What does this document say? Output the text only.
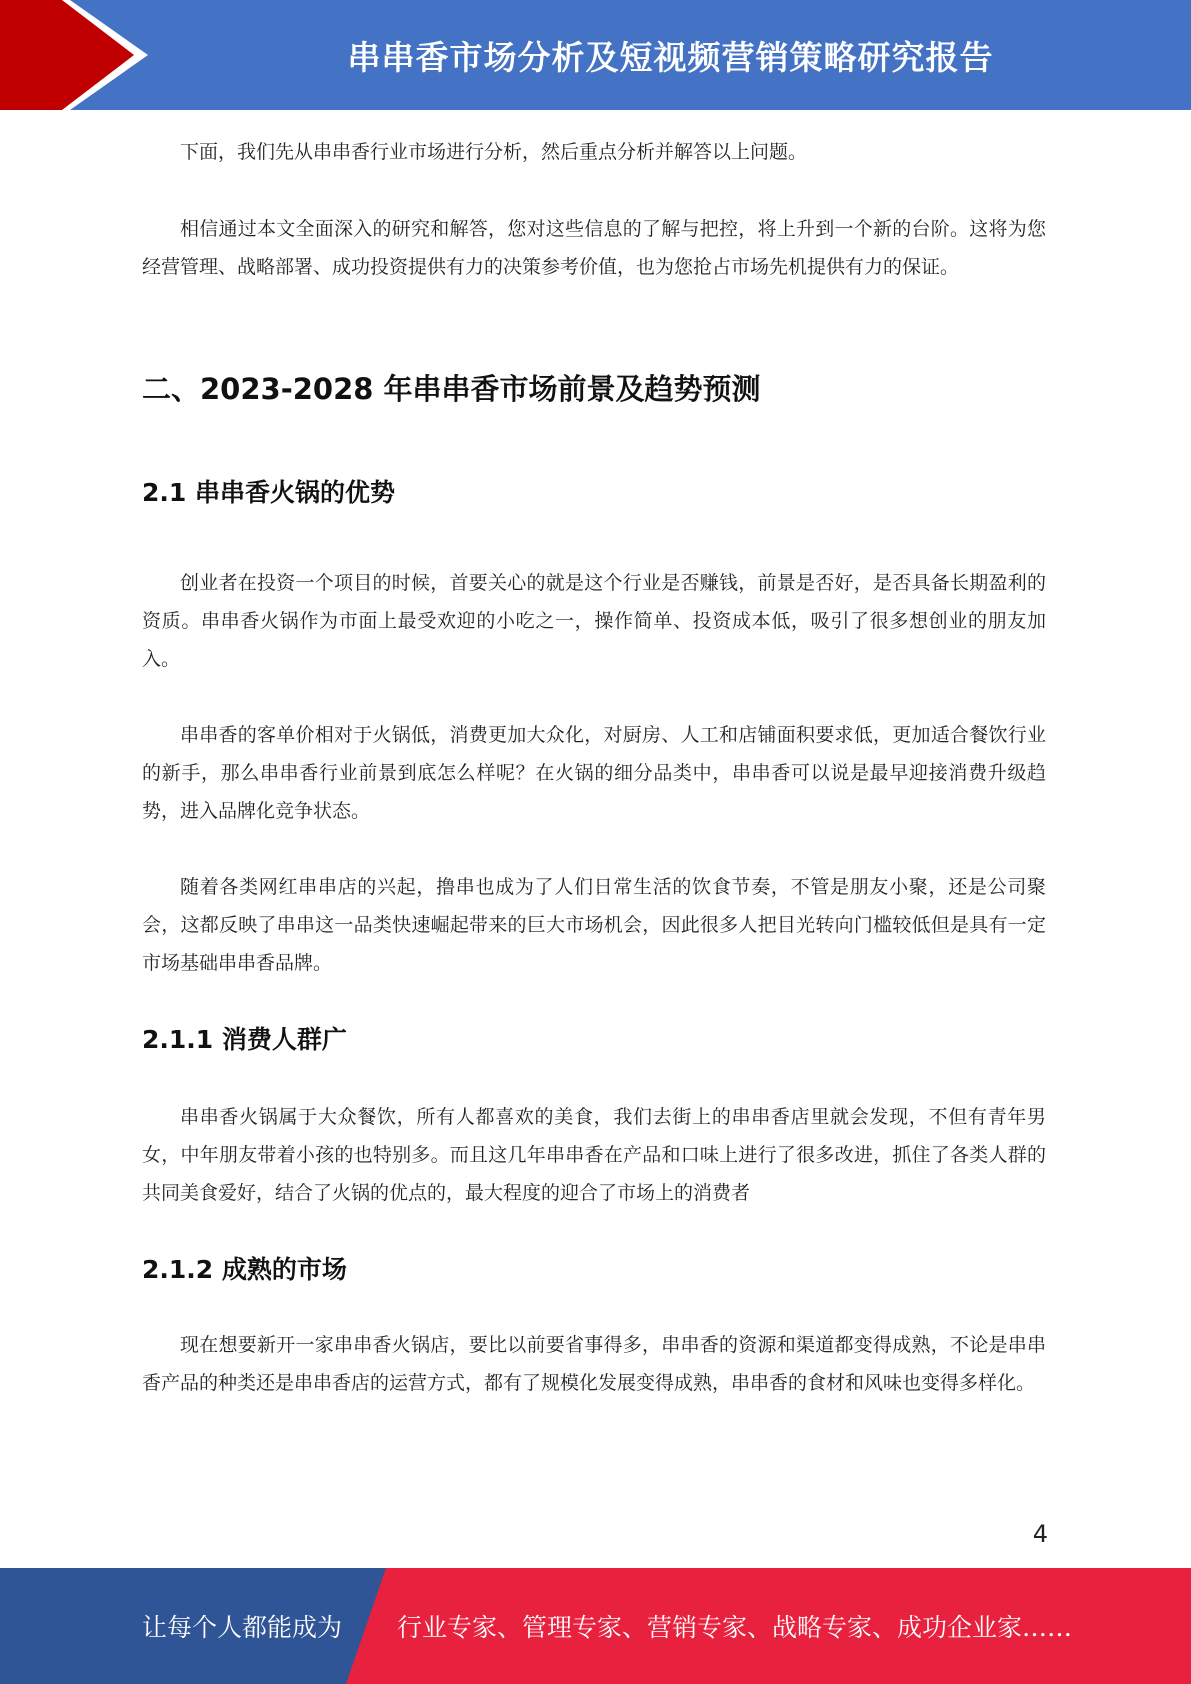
串串香市场分析及短视频营销策略研究报告

下面，我们先从串串香行业市场进行分析，然后重点分析并解答以上问题。

相信通过本文全面深入的研究和解答，您对这些信息的了解与把控，将上升到一个新的台阶。这将为您经营管理、战略部署、成功投资提供有力的决策参考价值，也为您抢占市场先机提供有力的保证。

二、2023-2028 年串串香市场前景及趋势预测
2.1 串串香火锅的优势

创业者在投资一个项目的时候，首要关心的就是这个行业是否赚钱，前景是否好，是否具备长期盈利的资质。串串香火锅作为市面上最受欢迎的小吃之一，操作简单、投资成本低，吸引了很多想创业的朋友加入。

串串香的客单价相对于火锅低，消费更加大众化，对厨房、人工和店铺面积要求低，更加适合餐饮行业的新手，那么串串香行业前景到底怎么样呢？在火锅的细分品类中，串串香可以说是最早迎接消费升级趋势，进入品牌化竞争状态。

随着各类网红串串店的兴起，撸串也成为了人们日常生活的饮食节奏，不管是朋友小聚，还是公司聚会，这都反映了串串这一品类快速崛起带来的巨大市场机会，因此很多人把目光转向门槛较低但是具有一定市场基础串串香品牌。

2.1.1 消费人群广

串串香火锅属于大众餐饮，所有人都喜欢的美食，我们去街上的串串香店里就会发现，不但有青年男女，中年朋友带着小孩的也特别多。而且这几年串串香在产品和口味上进行了很多改进，抓住了各类人群的共同美食爱好，结合了火锅的优点的，最大程度的迎合了市场上的消费者

2.1.2 成熟的市场

现在想要新开一家串串香火锅店，要比以前要省事得多，串串香的资源和渠道都变得成熟，不论是串串香产品的种类还是串串香店的运营方式，都有了规模化发展变得成熟，串串香的食材和风味也变得多样化。

4
让每个人都能成为 行业专家、管理专家、营销专家、战略专家、成功企业家……
